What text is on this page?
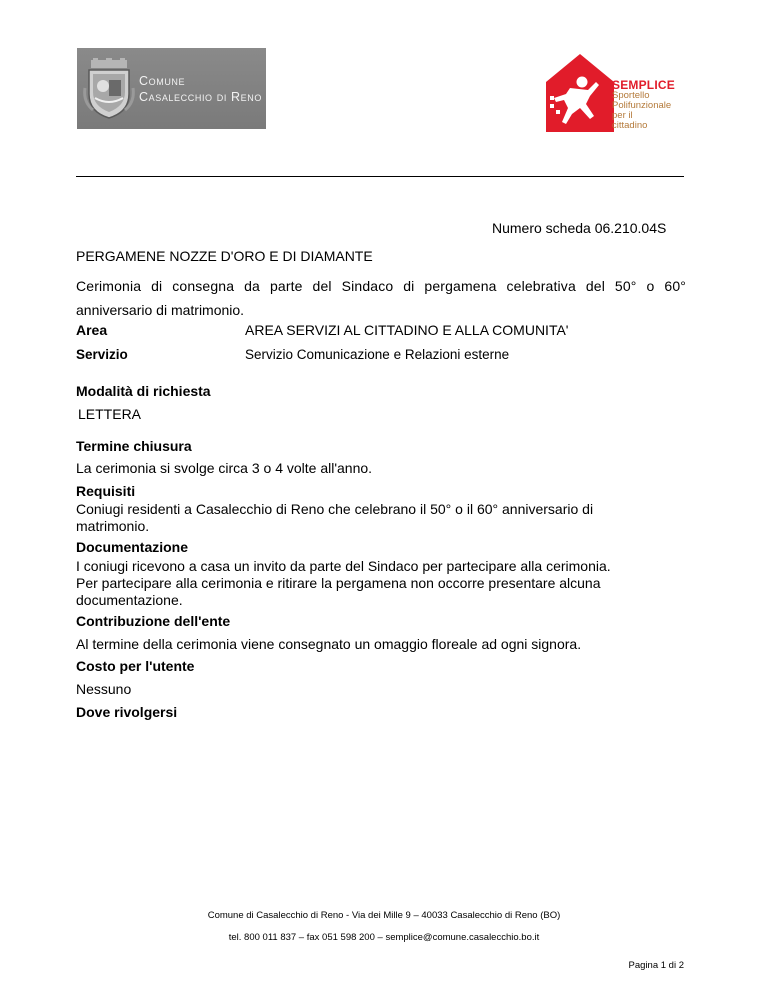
Comune
Casalecchio di Reno
SEMPLICE
Sportello
Polifunzionale
per il
cittadino
Numero scheda 06.210.04S
PERGAMENE NOZZE D'ORO E DI DIAMANTE
Cerimonia di consegna da parte del Sindaco di pergamena celebrativa del 50° o 60°
anniversario di matrimonio.
Area	AREA SERVIZI AL CITTADINO E ALLA COMUNITA'
Servizio	Servizio Comunicazione e Relazioni esterne
Modalità di richiesta
LETTERA
Termine chiusura
La cerimonia si svolge circa 3 o 4 volte all'anno.
Requisiti
Coniugi residenti a Casalecchio di Reno che celebrano il 50° o il 60° anniversario di
matrimonio.
Documentazione
I coniugi ricevono a casa un invito da parte del Sindaco per partecipare alla cerimonia.
Per partecipare alla cerimonia e ritirare la pergamena non occorre presentare alcuna
documentazione.
Contribuzione dell'ente
Al termine della cerimonia viene consegnato un omaggio floreale ad ogni signora.
Costo per l'utente
Nessuno
Dove rivolgersi
Comune di Casalecchio di Reno - Via dei Mille 9 – 40033 Casalecchio di Reno (BO)
tel. 800 011 837 – fax 051 598 200 – semplice@comune.casalecchio.bo.it
Pagina 1 di 2
